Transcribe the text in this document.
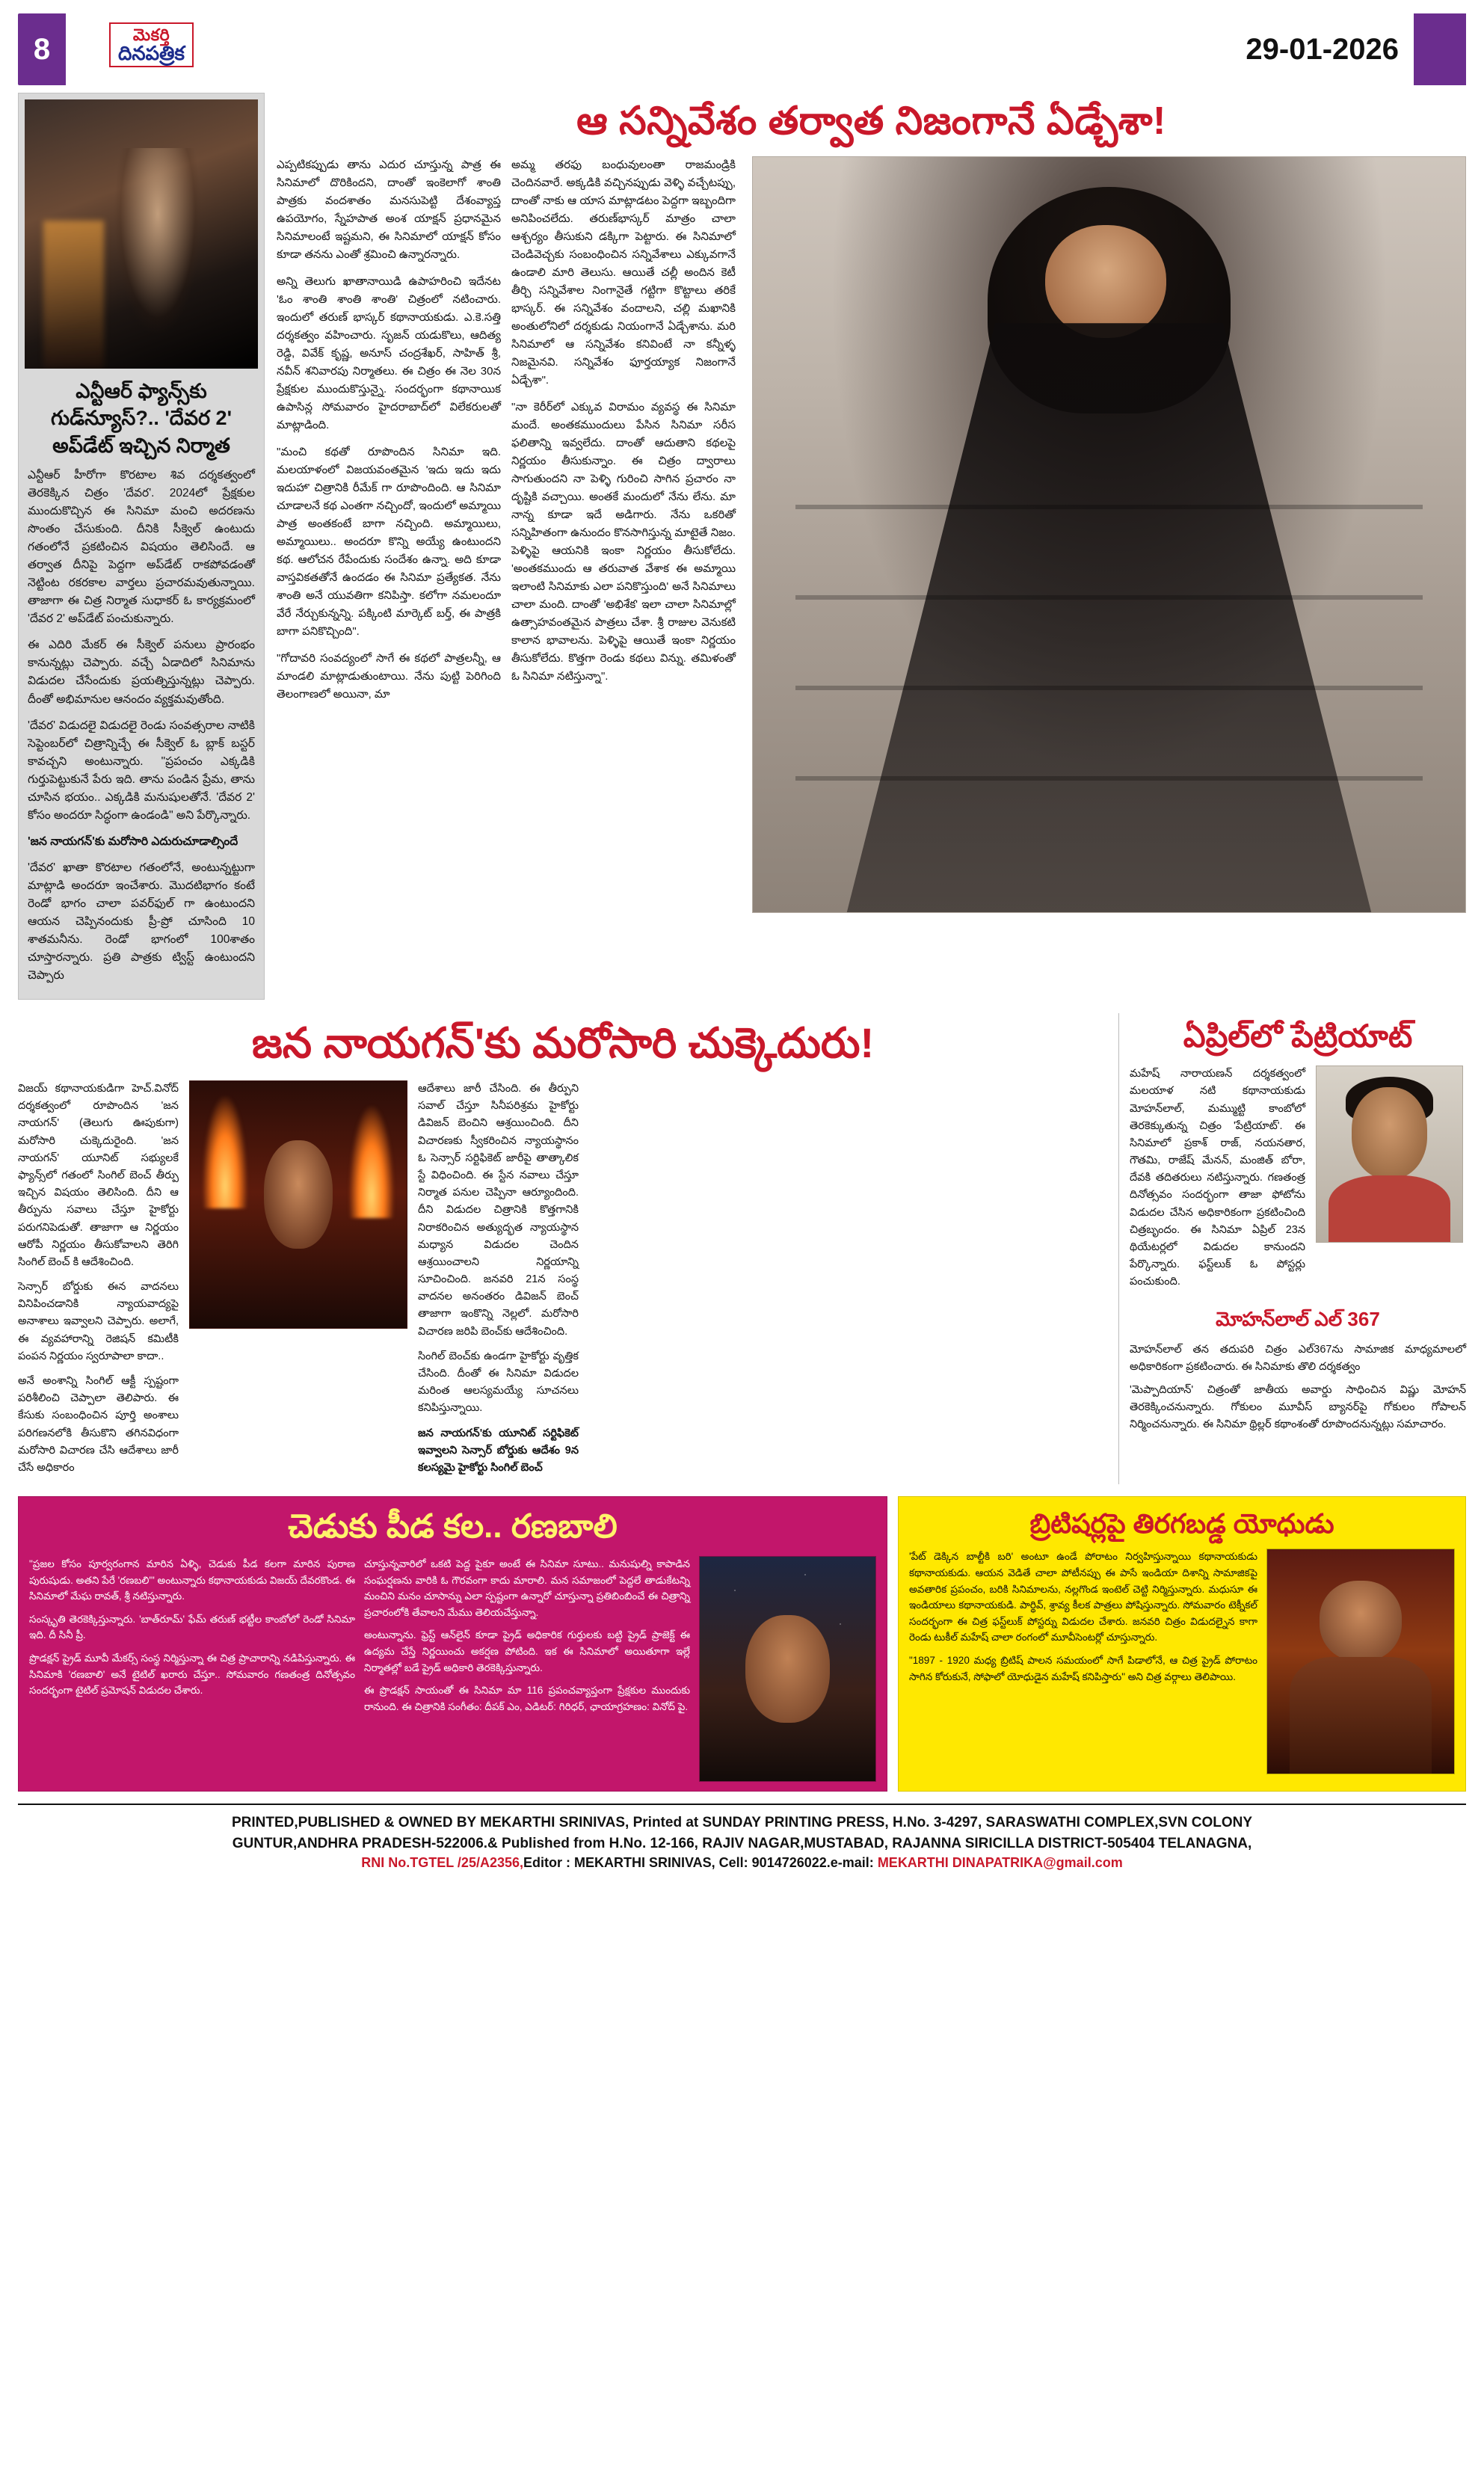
8	మెకర్తి
దినపత్రిక	29-01-2026
ఎన్టీఆర్ ఫ్యాన్స్‌కు గుడ్‌న్యూస్?.. 'దేవర 2' అప్‌డేట్ ఇచ్చిన నిర్మాత

ఎన్టీఆర్ హీరోగా కొరటాల శివ దర్శకత్వంలో తెరకెక్కిన చిత్రం 'దేవర'. 2024లో ప్రేక్షకుల ముందుకొచ్చిన ఈ సినిమా మంచి అదరణను సొంతం చేసుకుంది. దీనికి సీక్వెల్ ఉంటుదు గతంలోనే ప్రకటించిన విషయం తెలిసిందే. ఆ తర్వాత దీనిపై పెద్దగా అప్‌డేట్ రాకపోవడంతో నెట్టింట రకరకాల వార్తలు ప్రచారమవుతున్నాయి. తాజాగా ఈ చిత్ర నిర్మాత సుధాకర్ ఓ కార్యక్రమంలో 'దేవర 2' అప్‌డేట్ పంచుకున్నారు.

ఈ ఎదిరి మేకర్ ఈ సీక్వెల్ పనులు ప్రారంభం కానున్నట్లు చెప్పారు. వచ్చే ఏడాదిలో సినిమాను విడుదల చేసేందుకు ప్రయత్నిస్తున్నట్లు చెప్పారు. దీంతో అభిమానుల ఆనందం వ్యక్తమవుతోంది.

'దేవర' విడుదలై విడుదలై రెండు సంవత్సరాల నాటికి సెప్టెంబర్‌లో చిత్రాన్నిచ్చే ఈ సీక్వెల్ ఓ బ్లాక్‌ బస్టర్‌ కావచ్చని అంటున్నారు. "ప్రపంచం ఎక్కడికి గుర్తుపెట్టుకునే పేరు ఇది. తాను పండిన ప్రేమ, తాను చూసిన భయం.. ఎక్కడికి మనుషులతోనే. 'దేవర 2' కోసం అందరూ సిద్ధంగా ఉండండి" అని పేర్కొన్నారు.

'జన నాయగన్'కు మరోసారి ఎదురుచూడాల్సిందే

'దేవర' ఖాతా కొరటాల గతంలోనే, అంటున్నట్టుగా మాట్లాడి అందరూ ఇంచేశారు. మొదటిభాగం కంటే రెండో భాగం చాలా పవర్‌ఫుల్ గా ఉంటుందని ఆయన చెప్పినందుకు ప్రీ-ప్రో చూసింది 10 శాతమనీను. రెండో భాగంలో 100శాతం చూస్తారన్నారు. ప్రతి పాత్రకు ట్విస్ట్‌ ఉంటుందని చెప్పారు

ఆ సన్నివేశం తర్వాత నిజంగానే ఏడ్చేశా!

ఎప్పటికప్పుడు తాను ఎదుర చూస్తున్న పాత్ర ఈ సినిమాలో దొరికిందని, దాంతో ఇంకెలాగో శాంతి పాత్రకు వందశాతం మనసుపెట్టి దేశంవ్యాప్త ఉపయోగం, స్నేహపాత అంశ యాక్షన్ ప్రధానమైన సినిమాలంటే ఇష్టమని, ఈ సినిమాలో యాక్షన్ కోసం కూడా తనను ఎంతో శ్రమించి ఉన్నారన్నారు.

అన్ని తెలుగు ఖాతానాయిడి ఉపాహరించి ఇదేనట 'ఓం శాంతి శాంతి శాంతి' చిత్రంలో నటించారు. ఇందులో తరుణ్ భాస్కర్ కథానాయకుడు. ఎ.కె.సత్తి దర్శకత్వం వహించారు. సృజన్ యడుకొలు, ఆదిత్య రెడ్డి, వివేక్ కృష్ణ, అనూస్ చంద్రశేఖర్, సాహిత్ శ్రీ, నవీన్ శనివారపు నిర్మాతలు. ఈ చిత్రం ఈ నెల 30న ప్రేక్షకుల ముందుకొస్తున్నై. సందర్భంగా కథానాయిక ఉపాసిన్ల సోమవారం హైదరాబాద్‌లో విలేకరులతో మాట్లాడింది.

"మంచి కథతో రూపొందిన సినిమా ఇది. మలయాళంలో విజయవంతమైన 'ఇదు ఇదు ఇదు ఇదుహా' చిత్రానికి రీమేక్ గా రూపొందింది. ఆ సినిమా చూడాలనే కథ ఎంతగా నచ్చిందో, ఇందులో అమ్మాయి పాత్ర అంతకంటే బాగా నచ్చింది. అమ్మాయిలు, అమ్మాయిలు.. అందరూ కొన్ని అయ్యే ఉంటుందని కథ. ఆలోచన రేపేందుకు సందేశం ఉన్నా. అది కూడా వాస్తవికతతోనే ఉందడం ఈ సినిమా ప్రత్యేకత. నేను శాంతి అనే యువతిగా కనిపిస్తా. కలోగా నమలందూ వేరే నేర్చుకున్నన్ని. పక్కింటి మార్కెట్ బర్త్, ఈ పాత్రకి బాగా పనికొచ్చింది".

"గోదావరి సంవద్యంలో సాగే ఈ కథలో పాత్రలన్నీ, ఆ మాండలి మాట్లాడుతుంటాయి. నేను పుట్టి పెరిగింది తెలంగాణలో అయినా, మా

అమ్మ తరఫు బంధువులంతా రాజమండ్రికి చెందినవారే. అక్కడికి వచ్చినప్పుడు వెళ్ళి వచ్చేటప్పు, దాంతో నాకు ఆ యాస మాట్లాడటం పెద్దగా ఇబ్బందిగా అనిపించలేదు. తరుణ్‌భాస్కర్ మాత్రం చాలా ఆశ్చర్యం తీసుకుని డక్కిగా పెట్టారు. ఈ సినిమాలో చెండివెచ్చకు సంబంధించిన సన్నివేశాలు ఎక్కువగానే ఉండాలి మారి తెలుసు. ఆయితే చల్లీ అందిన కెటీ తీర్చి సన్నివేశాల నింగానైతే గట్టిగా కొట్టాలు తరికే భాస్కర్. ఈ సన్నివేశం వందాలని, చల్లి మఖానికి అంతులోనిలో దర్శకుడు నియంగానే ఏడ్చేశాను. మరి సినిమాలో ఆ సన్నివేశం కనివింటే నా కన్నీళ్ళ నిజమైనవి. సన్నివేశం ఫూర్తయ్యాక నిజంగానే ఏడ్చేశా".

"నా కెరీర్‌లో ఎక్కువ విరామం వ్యవస్థ ఈ సినిమా మందే. అంతకముందులు పేసిన సినిమా సరీస ఫలితాన్ని ఇవ్వలేదు. దాంతో ఆదుతాని కథలపై నిర్ణయం తీసుకున్నాం. ఈ చిత్రం ద్వారాలు సాగుతుందని నా పెళ్ళి గురించి సాగిన ప్రచారం నా దృష్టికి వచ్చాయి. అంతకే మందులో నేను లేను. మా నాన్న కూడా ఇదే అడిగారు. నేను ఒకరితో సన్నిహితంగా ఉనుందం కొనసాగిస్తున్న మాటైతే నిజం. పెళ్ళిపై ఆయనికి ఇంకా నిర్ణయం తీసుకోలేదు. 'అంతకముందు ఆ తరువాత వేశాక ఈ అమ్మాయి ఇలాంటి సినిమాకు ఎలా పనికొస్తుంది' అనే సినిమాలు చాలా మంది. దాంతో 'అభిశేక' ఇలా చాలా సినిమాల్లో ఉత్సాహవంతమైన పాత్రలు చేశా. శ్రీ రాజుల వెనుకటి కాలాన భావాలను. పెళ్ళిపై ఆయితే ఇంకా నిర్ణయం తీసుకోలేదు. కొత్తగా రెండు కథలు విన్ను. తమిళంతో ఓ సినిమా నటిస్తున్నా".

జన నాయగన్'కు మరోసారి చుక్కెదురు!

విజయ్ కథానాయకుడిగా హెచ్.వినోద్ దర్శకత్వంలో రూపొందిన 'జన నాయగన్' (తెలుగు ఊపుకుగా) మరోసారి చుక్కెదురైంది. 'జన నాయగన్' యూనిట్ సభ్యులకే ఫ్యాన్స్‌లో గతంలో సింగిల్ బెంచ్ తీర్పు ఇచ్చిన విషయం తెలిసింది. దీని ఆ తీర్పును సవాలు చేస్తూ హైకోర్టు పరుగనిపెడుతో. తాజాగా ఆ నిర్ణయం ఆరోపీ నిర్ణయం తీసుకోవాలని తెరిగి సింగిల్ బెంచ్ కి ఆదేశించింది.

సెన్సార్‌ బోర్డుకు ఈన వాదనలు వినిపించడానికి న్యాయవాద్యపై అనాశాలు ఇవ్వాలని చెప్పారు. అలాగే, ఈ వ్యవహారాన్ని రెజిషన్ కమిటీకి పంపన నిర్ణయం స్వరూపాలా కాదా..

అనే అంశాన్ని సింగిల్ ఆక్టీ స్పష్టంగా పరిశీలించి చెప్పాలా తెలిపారు. ఈ కేసుకు సంబంధించిన పూర్తి అంశాలు పరిగణనలోకి తీసుకొని తగినవిధంగా మరోసారి విచారణ చేసి ఆదేశాలు జారీ చేసే అధికారం

ఆదేశాలు జారీ చేసింది. ఈ తీర్పుని సవాల్ చేస్తూ సినీపరిశ్రమ హైకోర్టు డివిజన్ బెంచిని ఆశ్రయించింది. దీని విచారణకు స్వీకరించిన న్యాయస్థానం ఓ సెన్సార్ సర్టిఫికెట్ జారీపై తాత్కాలిక స్టే విధించింది. ఈ స్టేన నవాలు చేస్తూ నిర్మాత పనుల చెప్పినా ఆర్యూందింది. దీని విడుదల చిత్రానికి కొత్తగానికి నిరాకరించిన అత్యుద్భత న్యాయస్థాన మధ్యాన విడుదల చెందిన ఆశ్రయించాలని నిర్ణయాన్ని సూచించింది. జనవరి 21న సంస్థ వాదనల అనంతరం డివిజన్ బెంచ్ తాజాగా ఇంకొన్ని నెల్లలో. మరోసారి విచారణ జరిపి బెంచ్‌కు ఆదేశించింది.

సింగిల్ బెంచ్‌కు ఉండగా హైకోర్టు వృత్తిక చేసింది. దీంతో ఈ సినిమా విడుదల మరింత ఆలస్యమయ్యే సూచనలు కనిపిస్తున్నాయి.

జన నాయగన్'కు యూనిట్ సర్టిఫికెట్ ఇవ్వాలని సెన్సార్‌ బోర్డుకు ఆదేశం 9న కలస్యమై హైకోర్టు సింగిల్ బెంచ్

ఏప్రిల్‌లో పేట్రియాట్

మహేష్ నారాయణన్ దర్శకత్వంలో మలయాళ నటి కథానాయకుడు మోహన్‌లాల్, మమ్ముట్టి కాంబోలో తెరకెక్కుతున్న చిత్రం 'పేట్రియాట్'. ఈ సినిమాలో ప్రకాశ్ రాజ్‌, నయనతార, గౌతమి, రాజేష్ మేనన్, మంజిత్ బోరా, దేవకి తదితరులు నటిస్తున్నారు. గణతంత్ర దినోత్సవం సందర్భంగా తాజా ఫోటోను విడుదల చేసిన అధికారికంగా ప్రకటించింది చిత్రబృందం. ఈ సినిమా ఏప్రిల్ 23న థియేటర్లలో విడుదల కానుందని పేర్కొన్నారు. ఫస్ట్‌లుక్ ఓ పోస్టర్లు పంచుకుంది.

మోహన్‌లాల్ ఎల్ 367

మోహన్‌లాల్ తన తదుపరి చిత్రం ఎల్367ను సామాజిక మాధ్యమాలలో అధికారికంగా ప్రకటించారు. ఈ సినిమాకు తొలి దర్శకత్వం

'మెప్పాదియాన్' చిత్రంతో జాతీయ అవార్డు సాధించిన విష్ణు మోహన్ తెరకెక్కించనున్నారు. గోకులం మూవీస్ బ్యానర్‌పై గోకులం గోపాలన్ నిర్మించనున్నారు. ఈ సినిమా థ్రిల్లర్ కథాంశంతో రూపొందనున్నట్లు సమాచారం.

చెడుకు పీడ కల.. రణబాలి

"ప్రజల కోసం పూర్వరంగాన మారిన ఏళ్ళి, చెడుకు పీడ కలగా మారిన పురాణ పురుషుడు. అతని పేరే 'రణబలి'" అంటున్నారు కథానాయకుడు విజయ్ దేవరకొండ. ఈ సినిమాలో మేఘ రావత్, శ్రీ నటిస్తున్నారు.

సంస్కృతి తెరకెక్కిస్తున్నారు. 'బాత్‌రూమ్' ఫేమ్ తరుణ్ భట్టీల కాంబోలో రెండో సినిమా ఇది. దీ సినీ ప్రీ.

ప్రొడక్షన్‌ ప్రైడ్ మూవీ మేకర్స్ సంస్థ నిర్మిస్తున్నా ఈ చిత్ర ప్రాచారాన్ని నడిపిస్తున్నారు. ఈ సినిమాకి 'రణబాలి' అనే టైటిల్ ఖరారు చేస్తూ.. సోమవారం గణతంత్ర దినోత్సవం సందర్భంగా టైటిల్ ప్రమోషన్ విడుదల చేశారు.

చూస్తున్నవారిలో ఒకటి పెద్ద పైకూ అంటే ఈ సినిమా సూటు.. మనుషుల్ని కాపాడిన సంఘర్షణను వారికి ఓ గౌరవంగా కాదు మారాలి. మన సమాజంలో పెద్దలే తాడుకేటన్ని మంచిని మనం చూసాన్ను ఎలా స్పష్టంగా ఉన్నారో చూస్తున్నా ప్రతిబింబించే ఈ చిత్రాన్ని ప్రచారంలోకి తేవాలని మేము తెలియచేస్తున్నా.

అంటున్నాను. ఫ్రెస్ట్‌ ఆన్‌లైన్ కూడా ప్రైడ్ అధికారిక గుర్తులకు బట్టి ప్రైడ్ ప్రాజెక్ట్ ఈ ఉద్యమ చేస్తే నిర్ణయించు అకర్షణ పోటింది. ఇక ఈ సినిమాలో అయితూగా ఇల్లే నిర్మాతల్లో బడే ప్రైడ్ అధికారి తెరకెక్కిస్తున్నారు.

ఈ ప్రొడక్షన్ సాయంతో ఈ సినిమా మా 116 ప్రపంచవ్యాప్తంగా ప్రేక్షకుల ముందుకు రానుంది. ఈ చిత్రానికి సంగీతం: దీపక్ ఎం, ఎడిటర్: గిరిధర్, ఛాయాగ్రహణం: వినోద్ పై.

బ్రిటిషర్లపై తిరగబడ్డ యోధుడు

'పేట్ డెక్కిన బాల్టీకి బరి' అంటూ ఉండే పోరాటం నిర్వహిస్తున్నాయి కథానాయకుడు కథానాయకుడు. ఆయన వెడితే చాలా పోటీనప్పు ఈ పాసే ఇండియా దిశాన్ని సామాజికపై అవతారిక ప్రపంచం, బరికి సినిమాలను, నల్లగొండ ఇంటెల్ చెట్టి నిర్మిస్తున్నారు. మధుసూ ఈ ఇండియాలు కథానాయకుడి. పార్థివ్, శ్రావ్య కీలక పాత్రలు పోషిస్తున్నారు. సోమవారం టెక్నీకల్ సందర్భంగా ఈ చిత్ర ఫస్ట్‌లుక్ పోస్టర్ను విడుదల చేశారు. జనవరి చిత్రం విడుదల్నైన కాగా రెండు టుకీల్ మహేష్ చాలా రంగంలో మూవీసెంటర్లో చూస్తున్నారు.

"1897 - 1920 మధ్య బ్రిటిష్ పాలన సమయంలో సాగే పిడాలోనే, ఆ చిత్ర ప్రైడ్ పోరాటం సాగిన కోరుకునే, సోఫాలో యోధుడైన మహేష్ కనిపిస్తారు" అని చిత్ర వర్గాలు తెలిపాయి.

PRINTED,PUBLISHED & OWNED BY MEKARTHI SRINIVAS, Printed at SUNDAY PRINTING PRESS, H.No. 3-4297, SARASWATHI COMPLEX,SVN COLONY
GUNTUR,ANDHRA PRADESH-522006.& Published from H.No. 12-166, RAJIV NAGAR,MUSTABAD, RAJANNA SIRICILLA DISTRICT-505404 TELANAGNA,
RNI No.TGTEL /25/A2356,Editor : MEKARTHI SRINIVAS, Cell: 9014726022.e-mail: MEKARTHI DINAPATRIKA@gmail.com
